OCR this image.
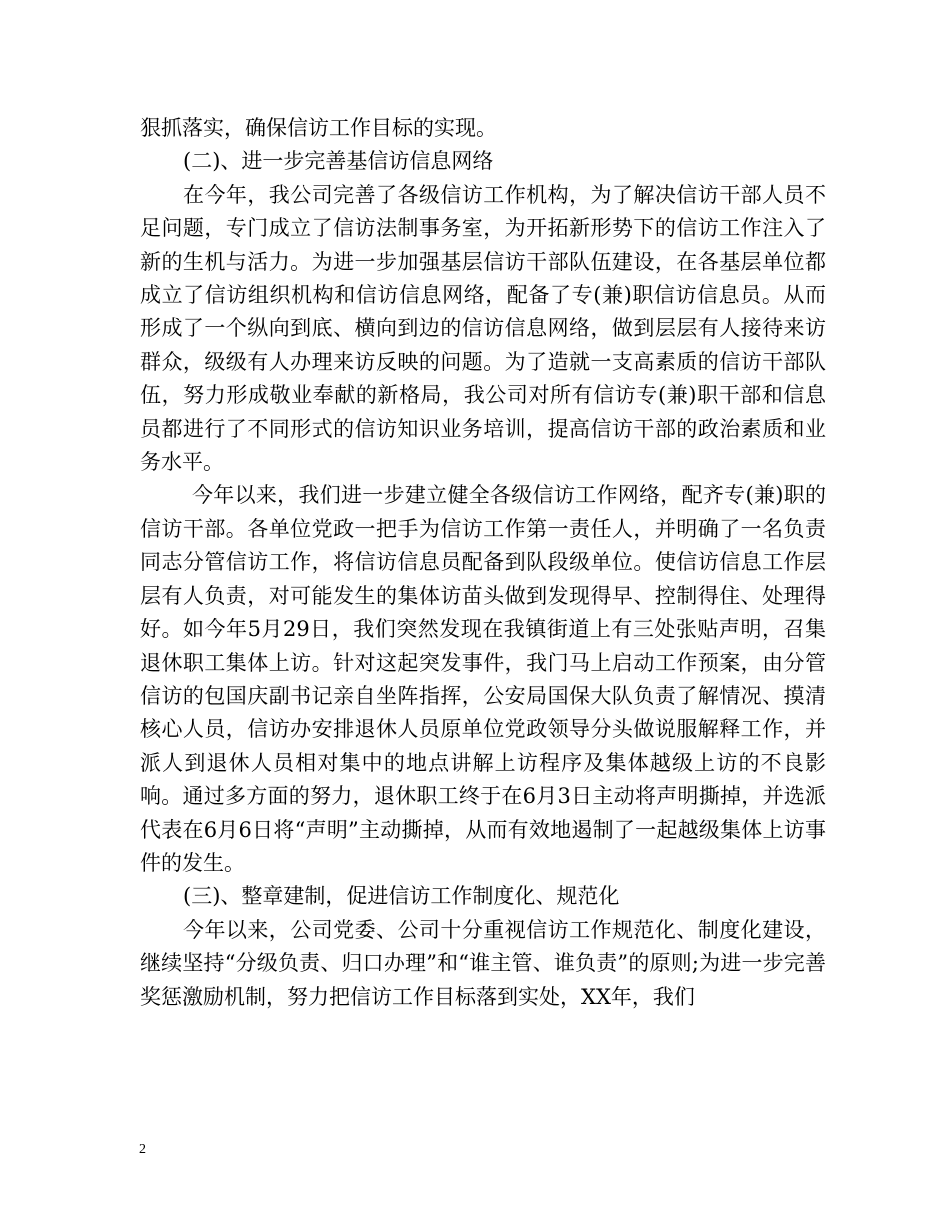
狠抓落实，确保信访工作目标的实现。

(二)、进一步完善基信访信息网络

在今年，我公司完善了各级信访工作机构，为了解决信访干部人员不足问题，专门成立了信访法制事务室，为开拓新形势下的信访工作注入了新的生机与活力。为进一步加强基层信访干部队伍建设，在各基层单位都成立了信访组织机构和信访信息网络，配备了专(兼)职信访信息员。从而形成了一个纵向到底、横向到边的信访信息网络，做到层层有人接待来访群众，级级有人办理来访反映的问题。为了造就一支高素质的信访干部队伍，努力形成敬业奉献的新格局，我公司对所有信访专(兼)职干部和信息员都进行了不同形式的信访知识业务培训，提高信访干部的政治素质和业务水平。

今年以来，我们进一步建立健全各级信访工作网络，配齐专(兼)职的信访干部。各单位党政一把手为信访工作第一责任人，并明确了一名负责同志分管信访工作，将信访信息员配备到队段级单位。使信访信息工作层层有人负责，对可能发生的集体访苗头做到发现得早、控制得住、处理得好。如今年5月29日，我们突然发现在我镇街道上有三处张贴声明，召集退休职工集体上访。针对这起突发事件，我门马上启动工作预案，由分管信访的包国庆副书记亲自坐阵指挥，公安局国保大队负责了解情况、摸清核心人员，信访办安排退休人员原单位党政领导分头做说服解释工作，并派人到退休人员相对集中的地点讲解上访程序及集体越级上访的不良影响。通过多方面的努力，退休职工终于在6月3日主动将声明撕掉，并选派代表在6月6日将“声明”主动撕掉，从而有效地遏制了一起越级集体上访事件的发生。

(三)、整章建制，促进信访工作制度化、规范化

今年以来，公司党委、公司十分重视信访工作规范化、制度化建设，继续坚持“分级负责、归口办理”和“谁主管、谁负责”的原则;为进一步完善奖惩激励机制，努力把信访工作目标落到实处，XX年，我们

2
